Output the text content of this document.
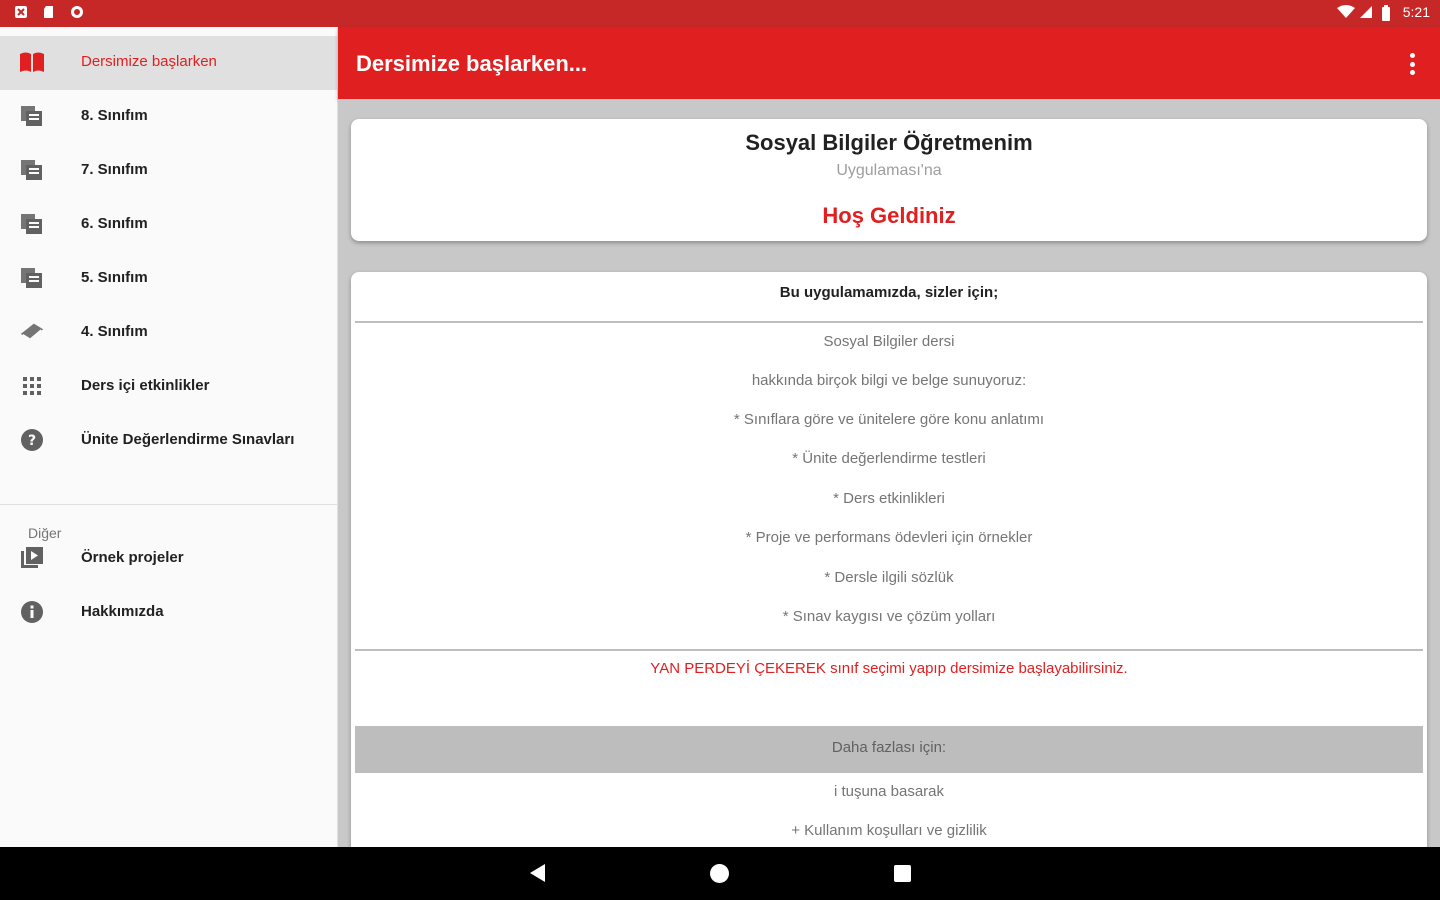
5:21
Dersimize başlarken
8. Sınıfım
7. Sınıfım
6. Sınıfım
5. Sınıfım
4. Sınıfım
Ders içi etkinlikler
?	Ünite Değerlendirme Sınavları
Diğer
Örnek projeler
Hakkımızda
Dersimize başlarken...
Sosyal Bilgiler Öğretmenim
Uygulaması'na
Hoş Geldiniz
Bu uygulamamızda, sizler için;
Sosyal Bilgiler dersi
hakkında birçok bilgi ve belge sunuyoruz:
* Sınıflara göre ve ünitelere göre konu anlatımı
* Ünite değerlendirme testleri
* Ders etkinlikleri
* Proje ve performans ödevleri için örnekler
* Dersle ilgili sözlük
* Sınav kaygısı ve çözüm yolları
YAN PERDEYİ ÇEKEREK sınıf seçimi yapıp dersimize başlayabilirsiniz.
Daha fazlası için:
i tuşuna basarak
+ Kullanım koşulları ve gizlilik
